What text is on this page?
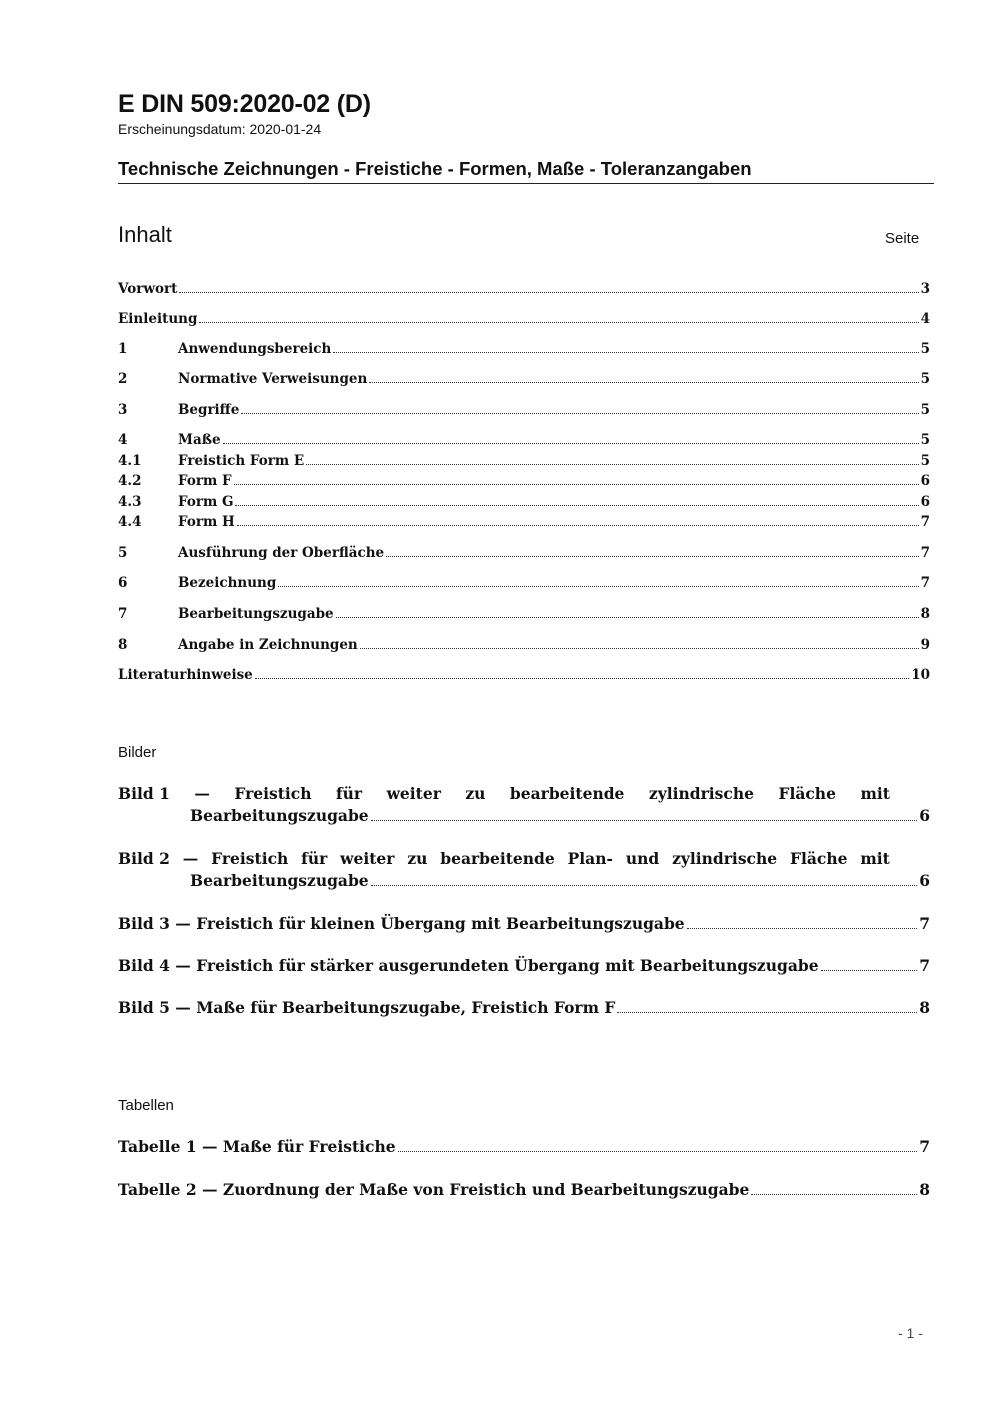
E DIN 509:2020-02 (D)
Erscheinungsdatum: 2020-01-24
Technische Zeichnungen - Freistiche - Formen, Maße - Toleranzangaben
Inhalt	Seite
Vorwort	3
Einleitung	4
1	Anwendungsbereich	5
2	Normative Verweisungen	5
3	Begriffe	5
4	Maße	5
4.1	Freistich Form E	5
4.2	Form F	6
4.3	Form G	6
4.4	Form H	7
5	Ausführung der Oberfläche	7
6	Bezeichnung	7
7	Bearbeitungszugabe	8
8	Angabe in Zeichnungen	9
Literaturhinweise	10
Bilder
Bild 1 — Freistich für weiter zu bearbeitende zylindrische Fläche mit
Bearbeitungszugabe	6
Bild 2 — Freistich für weiter zu bearbeitende Plan- und zylindrische Fläche mit
Bearbeitungszugabe	6
Bild 3 — Freistich für kleinen Übergang mit Bearbeitungszugabe	7
Bild 4 — Freistich für stärker ausgerundeten Übergang mit Bearbeitungszugabe	7
Bild 5 — Maße für Bearbeitungszugabe, Freistich Form F	8
Tabellen
Tabelle 1 — Maße für Freistiche	7
Tabelle 2 — Zuordnung der Maße von Freistich und Bearbeitungszugabe	8
- 1 -
